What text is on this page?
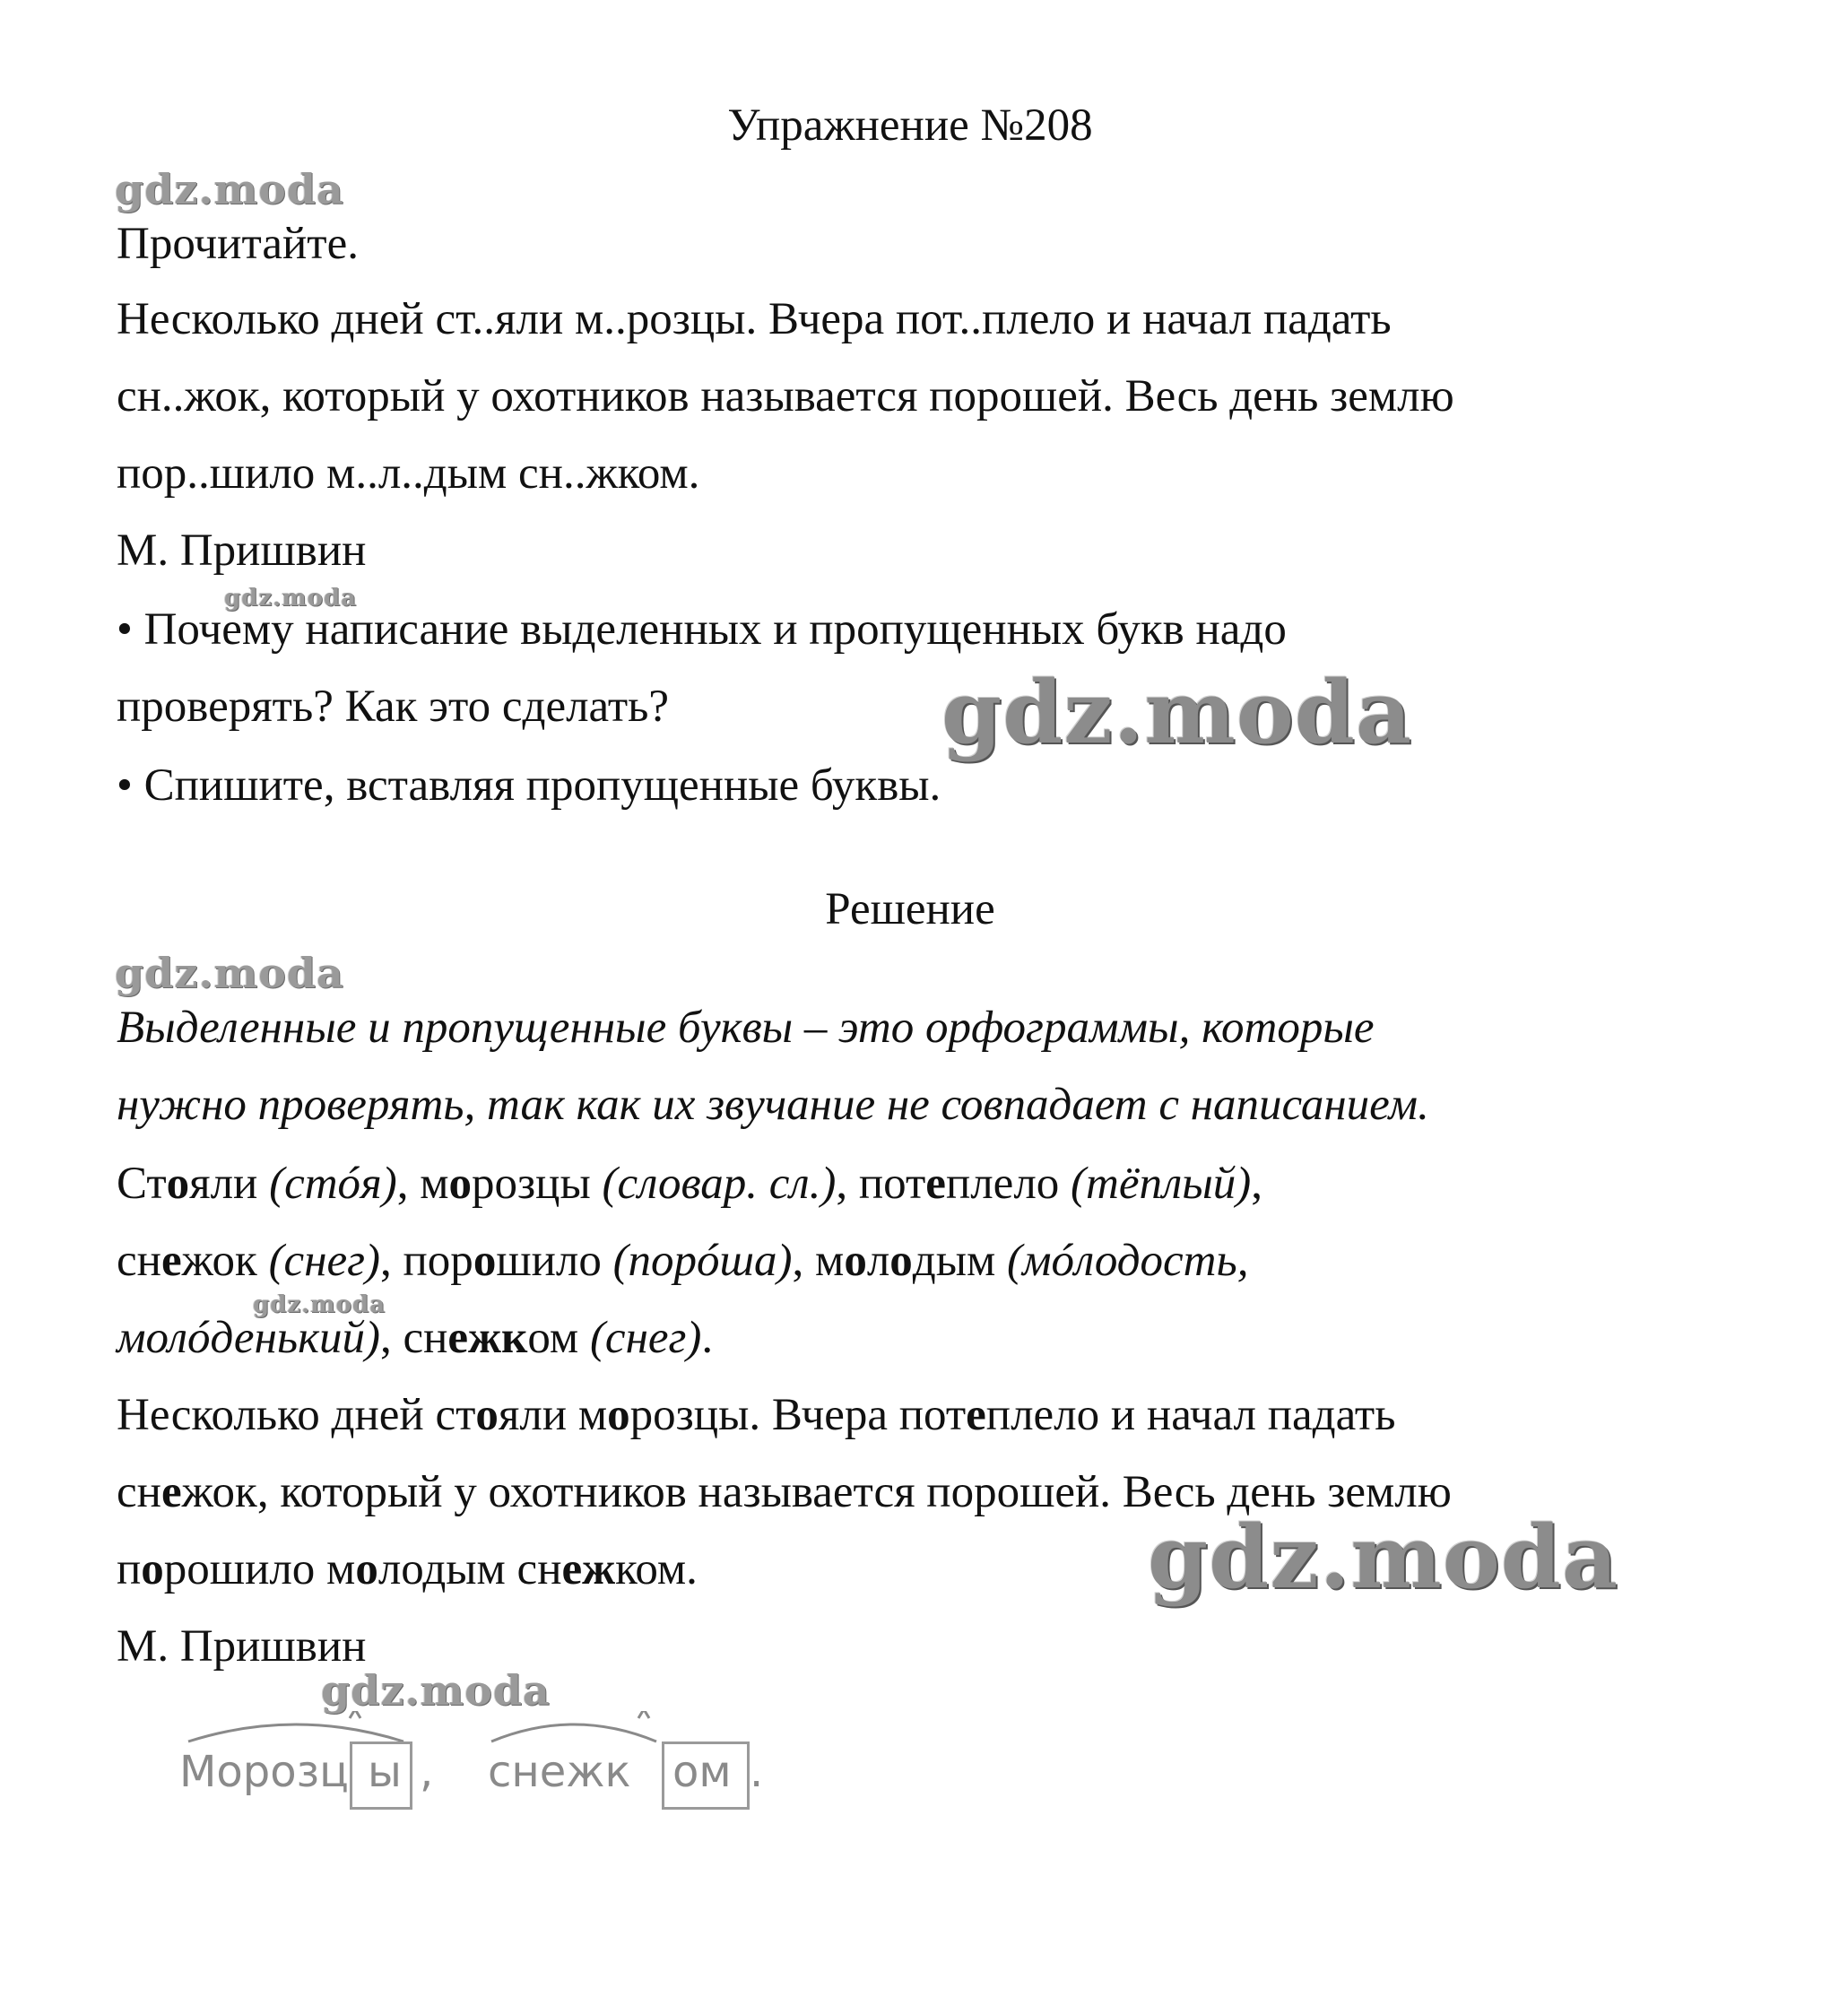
Упражнение №208
gdz.moda
Прочитайте.
Несколько дней ст..яли м..розцы. Вчера пот..плело и начал падать
сн..жок, который у охотников называется порошей. Весь день землю
пор..шило м..л..дым сн..жком.
М. Пришвин
gdz.moda
• Почему написание выделенных и пропущенных букв надо
проверять? Как это сделать?	gdz.moda
• Спишите, вставляя пропущенные буквы.
Решение
gdz.moda
Выделенные и пропущенные буквы – это орфограммы, которые
нужно проверять, так как их звучание не совпадает с написанием.
Стояли (стóя), морозцы (словар. сл.), потеплело (тёплый),
снежок (снег), порошило (порóша), молодым (мóлодость,
gdz.moda
молóденький), снежком (снег).
Несколько дней стояли морозцы. Вчера потеплело и начал падать
снежок, который у охотников называется порошей. Весь день землю
порошило молодым снежком.	gdz.moda
М. Пришвин
gdz.moda
Морозц ы , снежк ом .
